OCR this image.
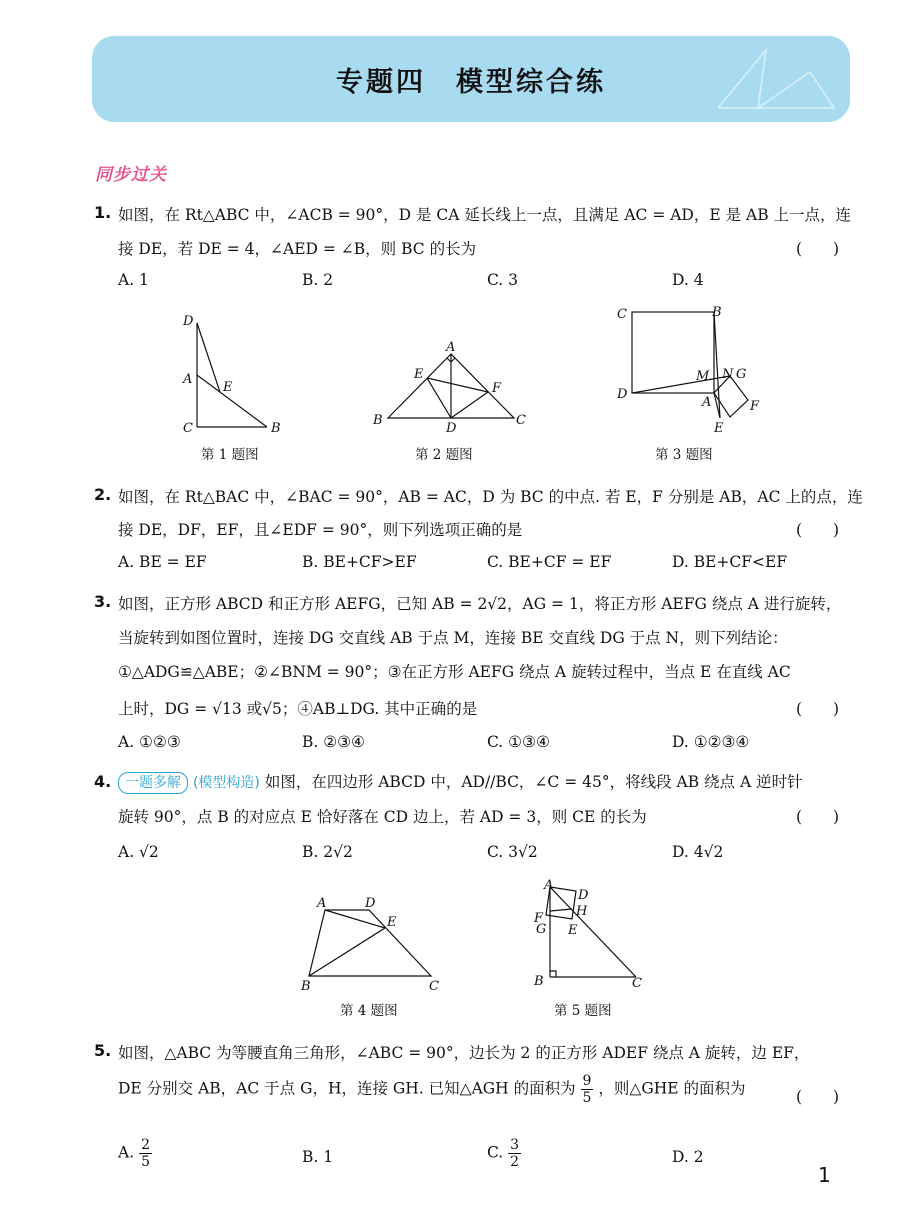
专题四　模型综合练
同步过关
1. 如图，在 Rt△ABC 中，∠ACB = 90°，D 是 CA 延长线上一点，且满足 AC = AD，E 是 AB 上一点，连
接 DE，若 DE = 4，∠AED = ∠B，则 BC 的长为	(　　)
A. 1	B. 2	C. 3	D. 4
D
A
E
C	B
第 1 题图
A
E
F
B
D
C
第 2 题图
C	B
D
M N G
A	F
E
第 3 题图
2. 如图，在 Rt△BAC 中，∠BAC = 90°，AB = AC，D 为 BC 的中点. 若 E，F 分别是 AB，AC 上的点，连
接 DE，DF，EF，且∠EDF = 90°，则下列选项正确的是	(　　)
A. BE = EF	B. BE+CF>EF	C. BE+CF = EF	D. BE+CF<EF
3. 如图，正方形 ABCD 和正方形 AEFG，已知 AB = 2√2，AG = 1，将正方形 AEFG 绕点 A 进行旋转，
当旋转到如图位置时，连接 DG 交直线 AB 于点 M，连接 BE 交直线 DG 于点 N，则下列结论：
①△ADG≌△ABE；②∠BNM = 90°；③在正方形 AEFG 绕点 A 旋转过程中，当点 E 在直线 AC
上时，DG = √13 或√5；④AB⊥DG. 其中正确的是	(　　)
A. ①②③	B. ②③④	C. ①③④	D. ①②③④
4. 一题多解 (模型构造) 如图，在四边形 ABCD 中，AD//BC，∠C = 45°，将线段 AB 绕点 A 逆时针
旋转 90°，点 B 的对应点 E 恰好落在 CD 边上，若 AD = 3，则 CE 的长为	(　　)
A. √2	B. 2√2	C. 3√2	D. 4√2
A	D
E
B	C
第 4 题图
A
D
F	H
G E
B	C
第 5 题图
5. 如图，△ABC 为等腰直角三角形，∠ABC = 90°，边长为 2 的正方形 ADEF 绕点 A 旋转，边 EF，
DE 分别交 AB，AC 于点 G，H，连接 GH. 已知△AGH 的面积为 $\frac{9}{5}$ ，则△GHE 的面积为	(　　)
A. $\frac{2}{5}$	B. 1	C. $\frac{3}{2}$	D. 2
1
